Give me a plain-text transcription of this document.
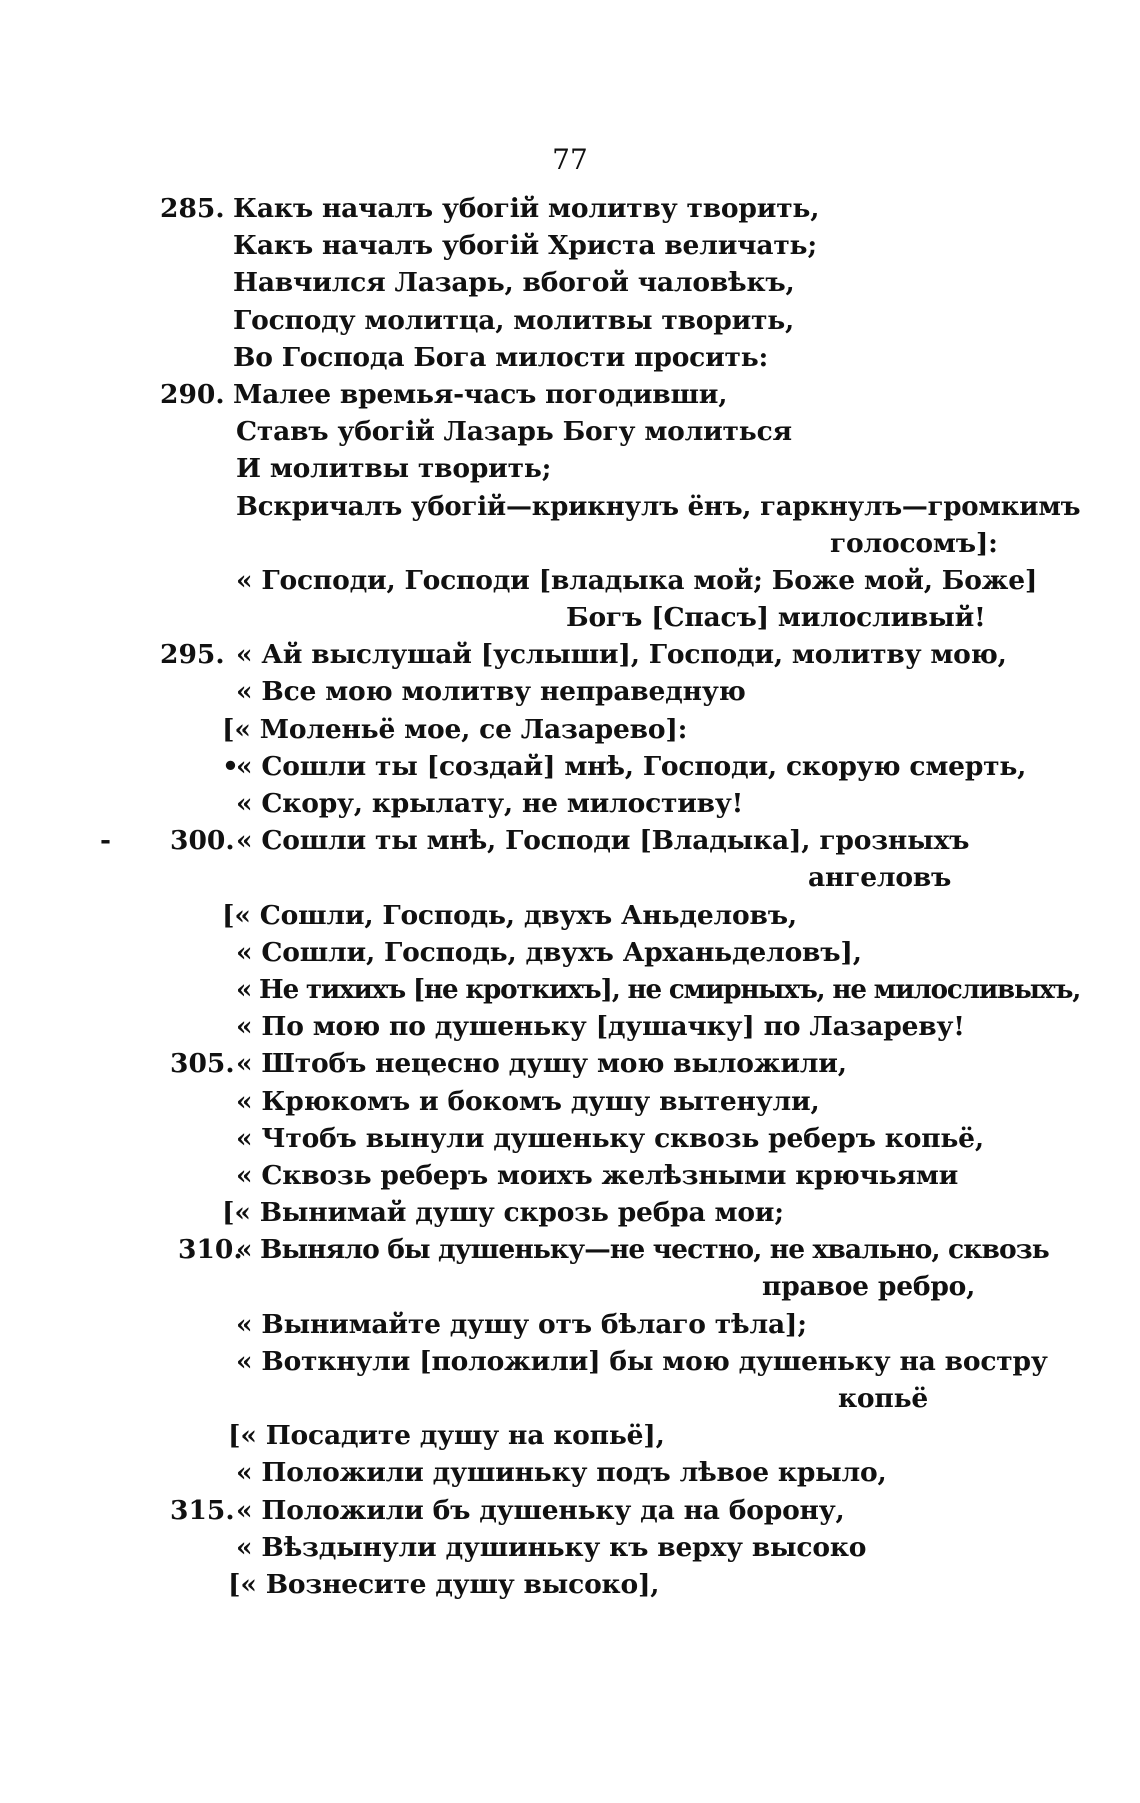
77
285. Какъ началъ убогій молитву творить,
Какъ началъ убогій Христа величать;
Навчился Лазарь, вбогой чаловѣкъ,
Господу молитца, молитвы творить,
Во Господа Бога милости просить:
290. Малее времья-часъ погодивши,
Ставъ убогій Лазарь Богу молиться
И молитвы творить;
Вскричалъ убогій—крикнулъ ёнъ, гаркнулъ—громкимъ
голосомъ]:
« Господи, Господи [владыка мой; Боже мой, Боже]
Богъ [Спасъ] милосливый!
295. « Ай выслушай [услыши], Господи, молитву мою,
« Все мою молитву неправедную
[« Моленьё мое, се Лазарево]:
•
« Сошли ты [создай] мнѣ, Господи, скорую смерть,
« Скору, крылату, не милостиву!
- 300. « Сошли ты мнѣ, Господи [Владыка], грозныхъ
ангеловъ
[« Сошли, Господь, двухъ Аньделовъ,
« Сошли, Господь, двухъ Арханьделовъ],
« Не тихихъ [не кроткихъ], не смирныхъ, не милосливыхъ,
« По мою по душеньку [душачку] по Лазареву!
305. « Штобъ нецесно душу мою выложили,
« Крюкомъ и бокомъ душу вытенули,
« Чтобъ вынули душеньку сквозь реберъ копьё,
« Сквозь реберъ моихъ желѣзными крючьями
[« Вынимай душу скрозь ребра мои;
310.
« Выняло бы душеньку—не честно, не хвально, сквозь
правое ребро,
« Вынимайте душу отъ бѣлаго тѣла];
« Воткнули [положили] бы мою душеньку на востру
копьё
[« Посадите душу на копьё],
« Положили душиньку подъ лѣвое крыло,
315. « Положили бъ душеньку да на борону,
« Вѣздынули душиньку къ верху высоко
[« Вознесите душу высоко],
